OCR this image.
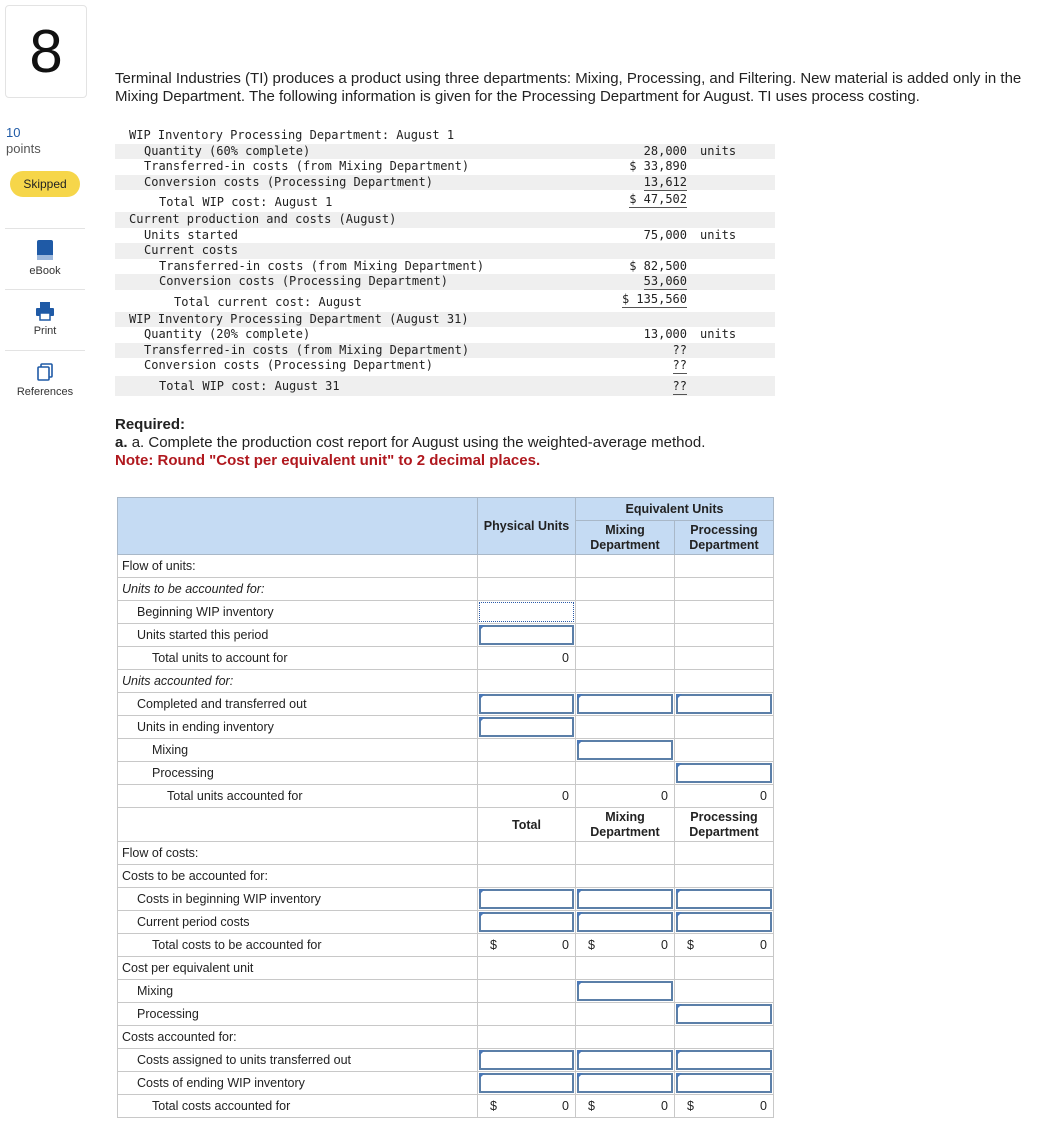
8
10
points
Skipped
eBook
Print
References
Terminal Industries (TI) produces a product using three departments: Mixing, Processing, and Filtering. New material is added only in the Mixing Department. The following information is given for the Processing Department for August. TI uses process costing.
WIP Inventory Processing Department: August 1
Quantity (60% complete)	28,000 units
Transferred-in costs (from Mixing Department)	$ 33,890
Conversion costs (Processing Department)	13,612
Total WIP cost: August 1	$ 47,502
Current production and costs (August)
Units started	75,000 units
Current costs
Transferred-in costs (from Mixing Department)	$ 82,500
Conversion costs (Processing Department)	53,060
Total current cost: August	$ 135,560
WIP Inventory Processing Department (August 31)
Quantity (20% complete)	13,000 units
Transferred-in costs (from Mixing Department)	??
Conversion costs (Processing Department)	??
Total WIP cost: August 31	??
Required:
a. a. Complete the production cost report for August using the weighted-average method.
Note: Round "Cost per equivalent unit" to 2 decimal places.
	Physical Units	Equivalent Units	
		Mixing Department	Processing Department
Flow of units:			
Units to be accounted for:			
Beginning WIP inventory	

Units started this period	

Total units to account for	0		
Units accounted for:			
Completed and transferred out	

Units in ending inventory	

Mixing		

Processing			

Total units accounted for	0	0	0
	Total	Mixing Department	Processing Department
Flow of costs:			
Costs to be accounted for:			
Costs in beginning WIP inventory	

Current period costs	

Total costs to be accounted for	$ 0	$ 0	$ 0

Cost per equivalent unit			
Mixing		

Processing			

Costs accounted for:			
Costs assigned to units transferred out	

Costs of ending WIP inventory	

Total costs accounted for	$ 0	$ 0	$ 0
